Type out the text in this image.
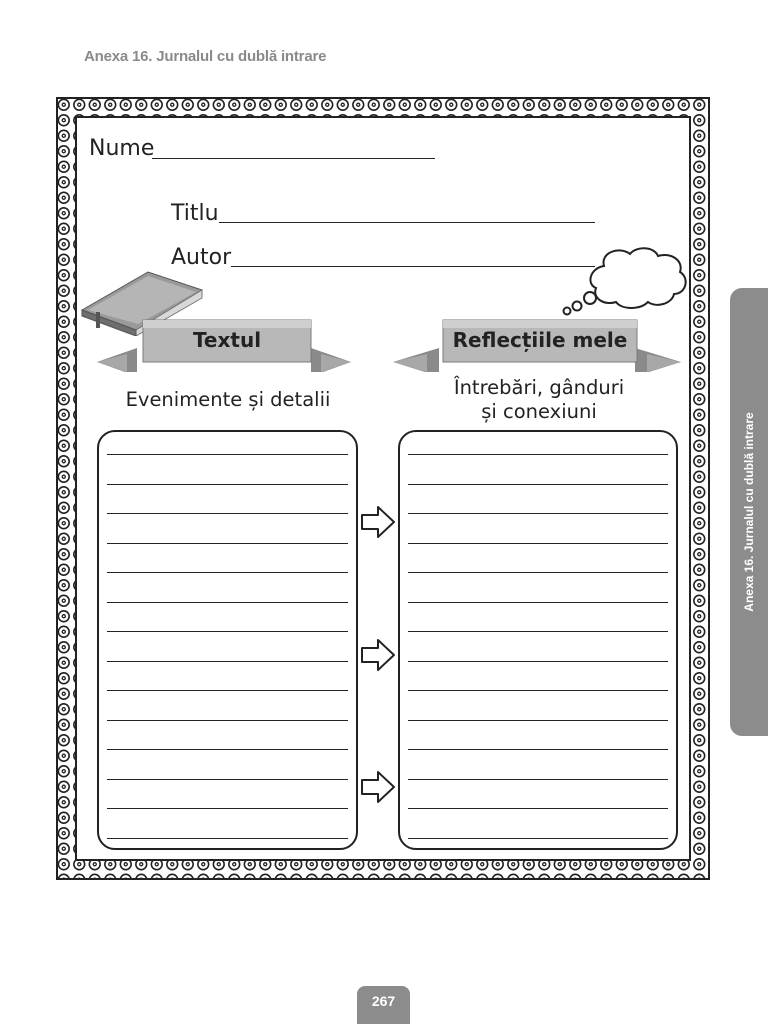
Anexa 16. Jurnalul cu dublă intrare
Nume
Titlu
Autor
Textul	Reflecțiile mele
Evenimente și detalii
Întrebări, gânduri
și conexiuni
Anexa 16. Jurnalul cu dublă intrare
267
